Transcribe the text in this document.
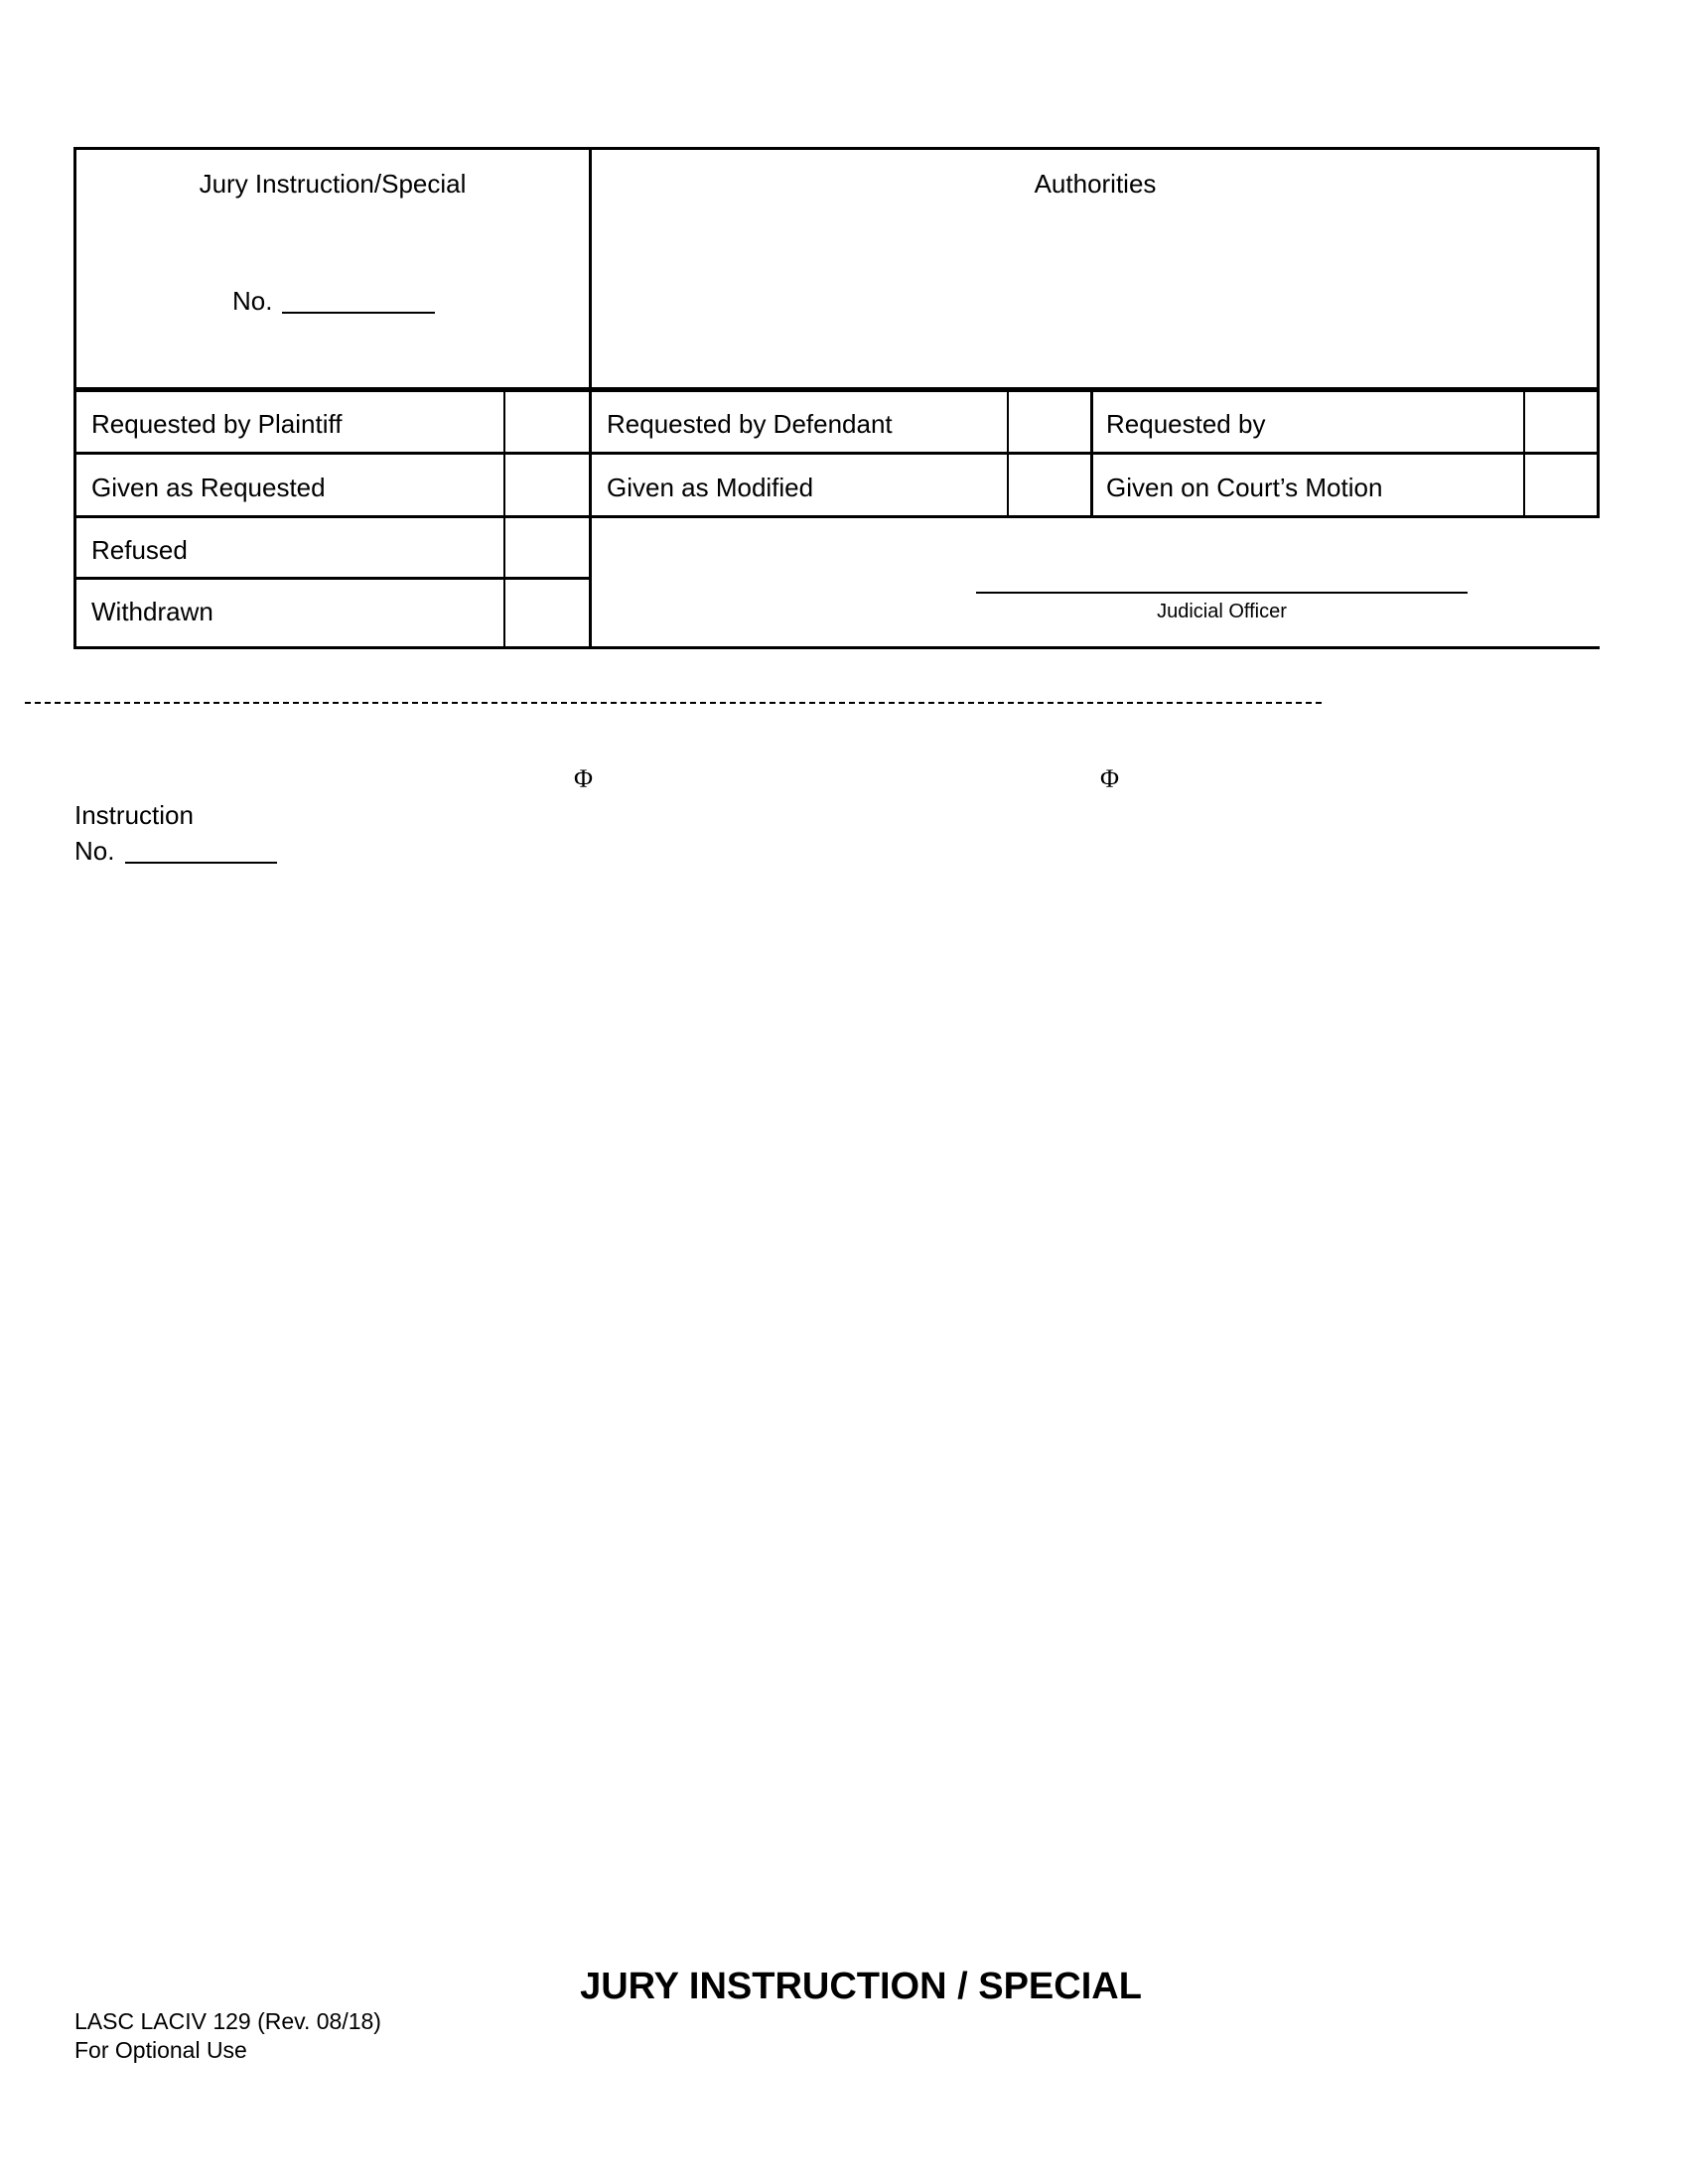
Jury Instruction/Special
No.
Authorities
Requested by Plaintiff	Requested by Defendant	Requested by
Given as Requested	Given as Modified	Given on Court’s Motion
Refused
Withdrawn	Judicial Officer
Φ	Φ
Instruction
No.
JURY INSTRUCTION / SPECIAL
LASC LACIV 129 (Rev. 08/18)
For Optional Use
